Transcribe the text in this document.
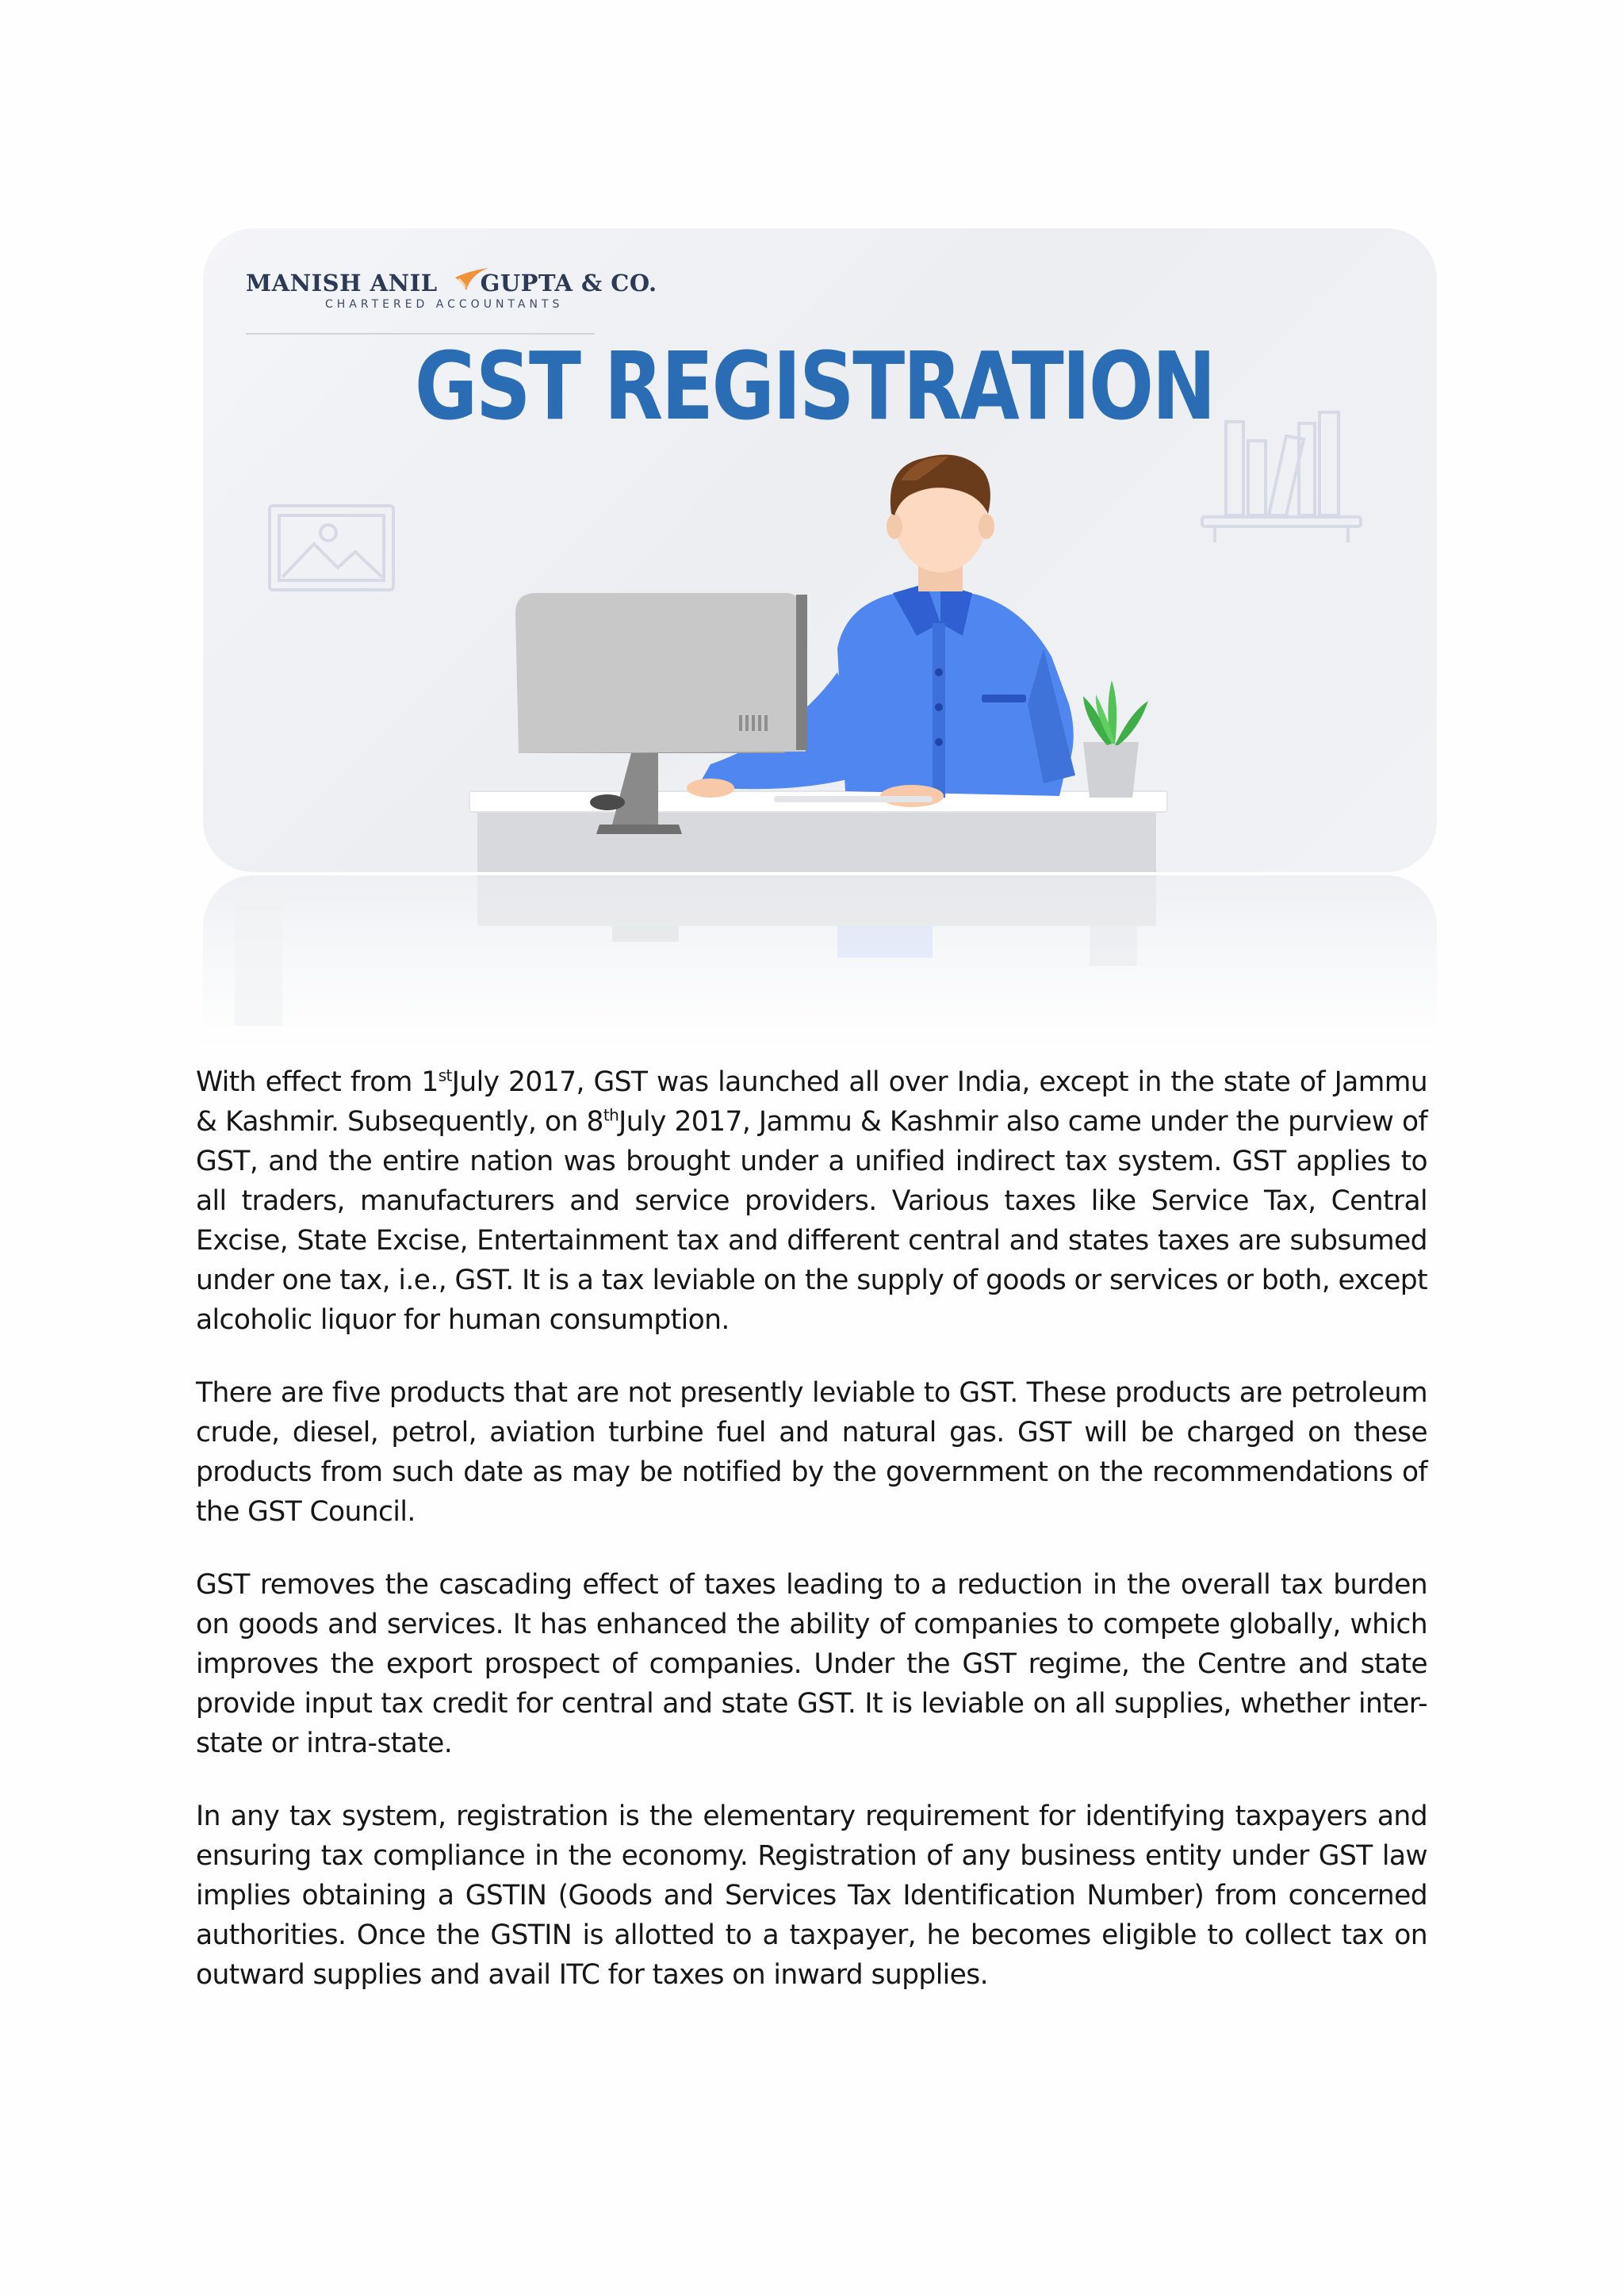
MANISH ANIL GUPTA & CO.
CHARTERED ACCOUNTANTS
GST REGISTRATION

With effect from 1stJuly 2017, GST was launched all over India, except in the state of Jammu & Kashmir. Subsequently, on 8thJuly 2017, Jammu & Kashmir also came under the purview of GST, and the entire nation was brought under a unified indirect tax system. GST applies to all traders, manufacturers and service providers. Various taxes like Service Tax, Central Excise, State Excise, Entertainment tax and different central and states taxes are subsumed under one tax, i.e., GST. It is a tax leviable on the supply of goods or services or both, except alcoholic liquor for human consumption.

There are five products that are not presently leviable to GST. These products are petroleum crude, diesel, petrol, aviation turbine fuel and natural gas. GST will be charged on these products from such date as may be notified by the government on the recommendations of the GST Council.

GST removes the cascading effect of taxes leading to a reduction in the overall tax burden on goods and services. It has enhanced the ability of companies to compete globally, which improves the export prospect of companies. Under the GST regime, the Centre and state provide input tax credit for central and state GST. It is leviable on all supplies, whether inter-state or intra-state.

In any tax system, registration is the elementary requirement for identifying taxpayers and ensuring tax compliance in the economy. Registration of any business entity under GST law implies obtaining a GSTIN (Goods and Services Tax Identification Number) from concerned authorities. Once the GSTIN is allotted to a taxpayer, he becomes eligible to collect tax on outward supplies and avail ITC for taxes on inward supplies.
